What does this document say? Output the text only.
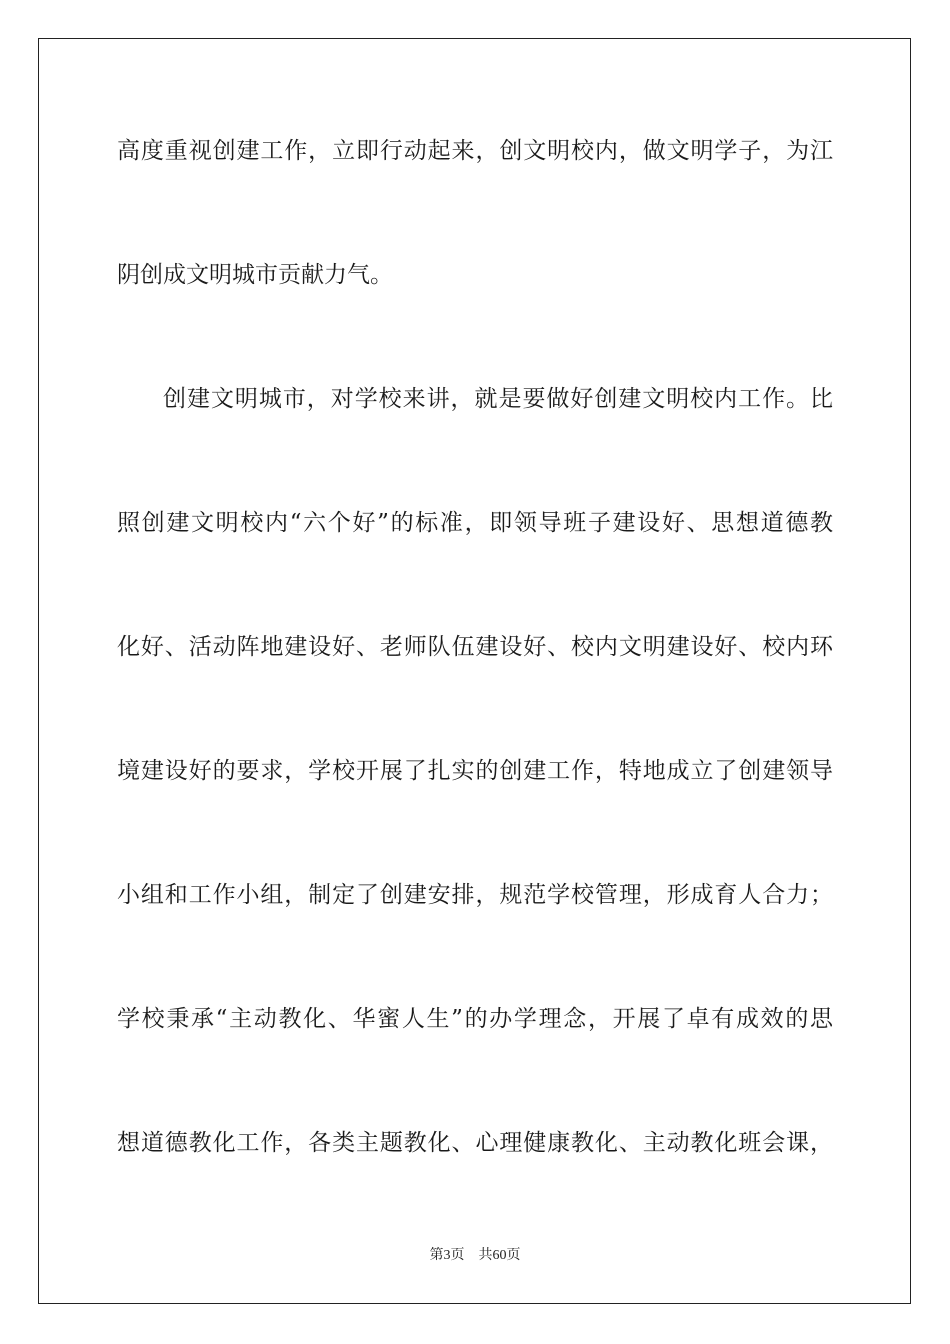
高度重视创建工作，立即行动起来，创文明校内，做文明学子，为江
阴创成文明城市贡献力气。
创建文明城市，对学校来讲，就是要做好创建文明校内工作。比
照创建文明校内“六个好”的标准，即领导班子建设好、思想道德教
化好、活动阵地建设好、老师队伍建设好、校内文明建设好、校内环
境建设好的要求，学校开展了扎实的创建工作，特地成立了创建领导
小组和工作小组，制定了创建安排，规范学校管理，形成育人合力；
学校秉承“主动教化、华蜜人生”的办学理念，开展了卓有成效的思
想道德教化工作，各类主题教化、心理健康教化、主动教化班会课，
第3页 共60页
